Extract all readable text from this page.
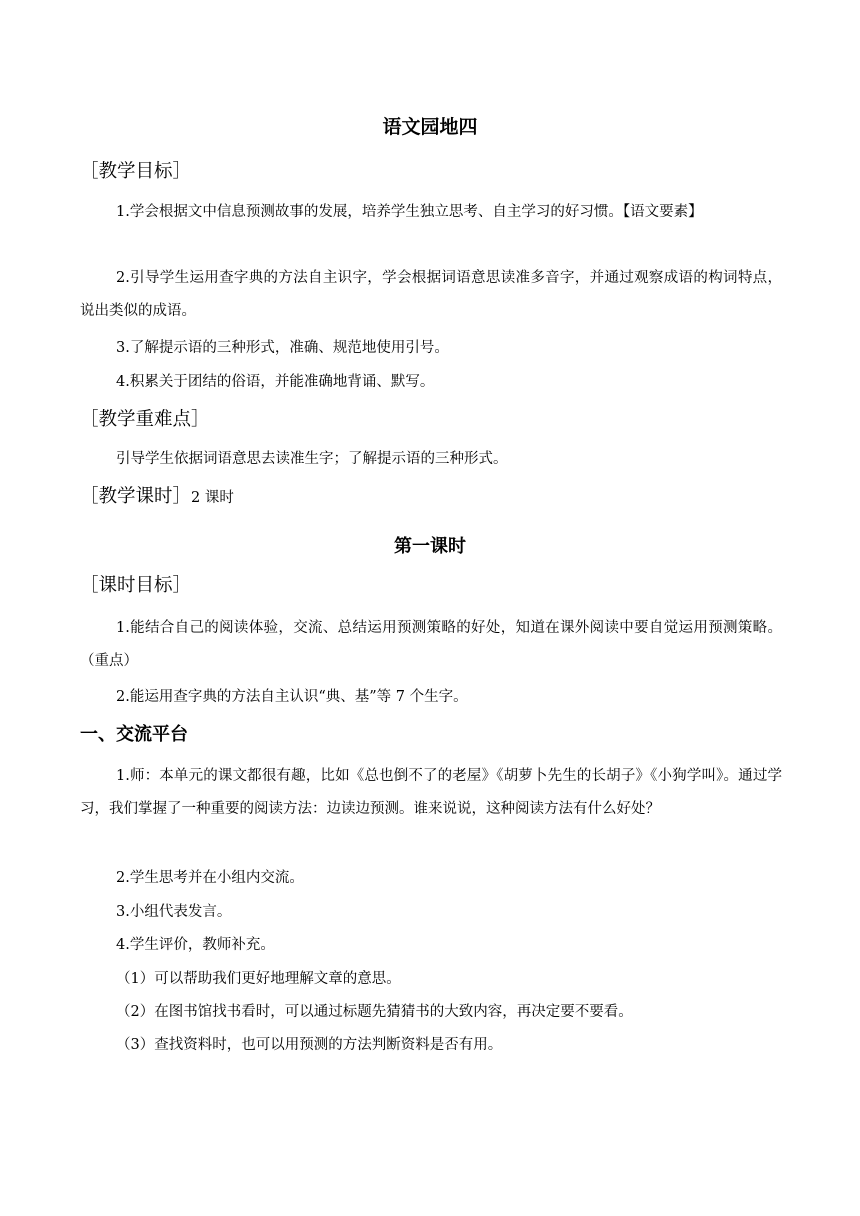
语文园地四
［教学目标］

1.学会根据文中信息预测故事的发展，培养学生独立思考、自主学习的好习惯。【语文要素】

2.引导学生运用查字典的方法自主识字，学会根据词语意思读准多音字，并通过观察成语的构词特点，说出类似的成语。

3.了解提示语的三种形式，准确、规范地使用引号。

4.积累关于团结的俗语，并能准确地背诵、默写。

［教学重难点］

引导学生依据词语意思去读准生字；了解提示语的三种形式。

［教学课时］2 课时
第一课时
［课时目标］

1.能结合自己的阅读体验，交流、总结运用预测策略的好处，知道在课外阅读中要自觉运用预测策略。（重点）

2.能运用查字典的方法自主认识“典、基”等 7 个生字。

一、交流平台

1.师：本单元的课文都很有趣，比如《总也倒不了的老屋》《胡萝卜先生的长胡子》《小狗学叫》。通过学习，我们掌握了一种重要的阅读方法：边读边预测。谁来说说，这种阅读方法有什么好处？

2.学生思考并在小组内交流。

3.小组代表发言。

4.学生评价，教师补充。

（1）可以帮助我们更好地理解文章的意思。
（2）在图书馆找书看时，可以通过标题先猜猜书的大致内容，再决定要不要看。
（3）查找资料时，也可以用预测的方法判断资料是否有用。
